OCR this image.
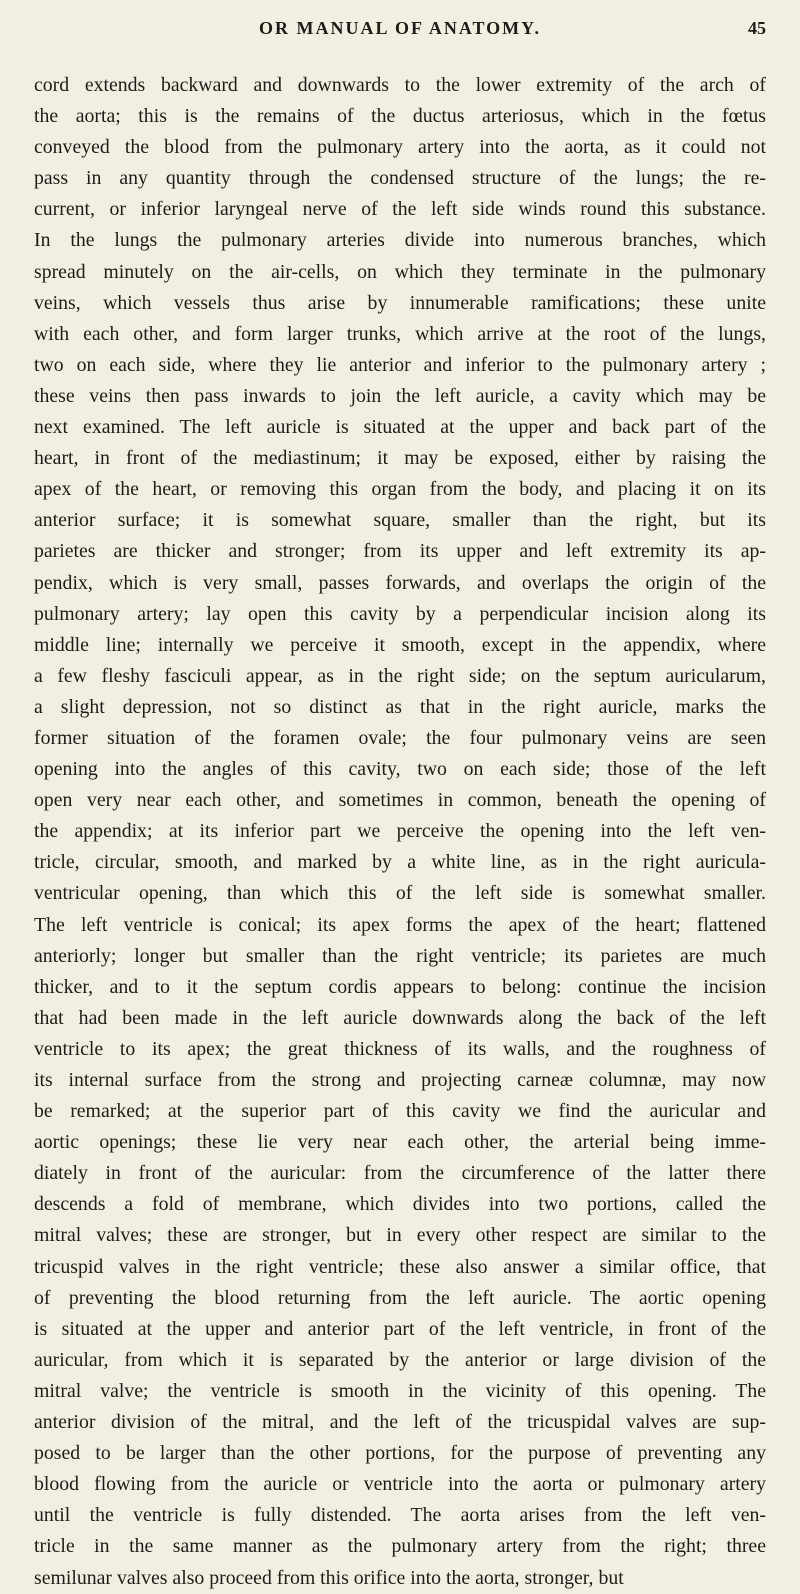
OR MANUAL OF ANATOMY.	45

cord extends backward and downwards to the lower extremity of the arch of
the aorta; this is the remains of the ductus arteriosus, which in the fœtus
conveyed the blood from the pulmonary artery into the aorta, as it could not
pass in any quantity through the condensed structure of the lungs; the re-
current, or inferior laryngeal nerve of the left side winds round this substance.
In the lungs the pulmonary arteries divide into numerous branches, which
spread minutely on the air-cells, on which they terminate in the pulmonary
veins, which vessels thus arise by innumerable ramifications; these unite
with each other, and form larger trunks, which arrive at the root of the lungs,
two on each side, where they lie anterior and inferior to the pulmonary artery ;
these veins then pass inwards to join the left auricle, a cavity which may be
next examined. The left auricle is situated at the upper and back part of the
heart, in front of the mediastinum; it may be exposed, either by raising the
apex of the heart, or removing this organ from the body, and placing it on its
anterior surface; it is somewhat square, smaller than the right, but its
parietes are thicker and stronger; from its upper and left extremity its ap-
pendix, which is very small, passes forwards, and overlaps the origin of the
pulmonary artery; lay open this cavity by a perpendicular incision along its
middle line; internally we perceive it smooth, except in the appendix, where
a few fleshy fasciculi appear, as in the right side; on the septum auricularum,
a slight depression, not so distinct as that in the right auricle, marks the
former situation of the foramen ovale; the four pulmonary veins are seen
opening into the angles of this cavity, two on each side; those of the left
open very near each other, and sometimes in common, beneath the opening of
the appendix; at its inferior part we perceive the opening into the left ven-
tricle, circular, smooth, and marked by a white line, as in the right auricula-
ventricular opening, than which this of the left side is somewhat smaller.
The left ventricle is conical; its apex forms the apex of the heart; flattened
anteriorly; longer but smaller than the right ventricle; its parietes are much
thicker, and to it the septum cordis appears to belong: continue the incision
that had been made in the left auricle downwards along the back of the left
ventricle to its apex; the great thickness of its walls, and the roughness of
its internal surface from the strong and projecting carneæ columnæ, may now
be remarked; at the superior part of this cavity we find the auricular and
aortic openings; these lie very near each other, the arterial being imme-
diately in front of the auricular: from the circumference of the latter there
descends a fold of membrane, which divides into two portions, called the
mitral valves; these are stronger, but in every other respect are similar to the
tricuspid valves in the right ventricle; these also answer a similar office, that
of preventing the blood returning from the left auricle. The aortic opening
is situated at the upper and anterior part of the left ventricle, in front of the
auricular, from which it is separated by the anterior or large division of the
mitral valve; the ventricle is smooth in the vicinity of this opening. The
anterior division of the mitral, and the left of the tricuspidal valves are sup-
posed to be larger than the other portions, for the purpose of preventing any
blood flowing from the auricle or ventricle into the aorta or pulmonary artery
until the ventricle is fully distended. The aorta arises from the left ven-
tricle in the same manner as the pulmonary artery from the right; three
semilunar valves also proceed from this orifice into the aorta, stronger, but
